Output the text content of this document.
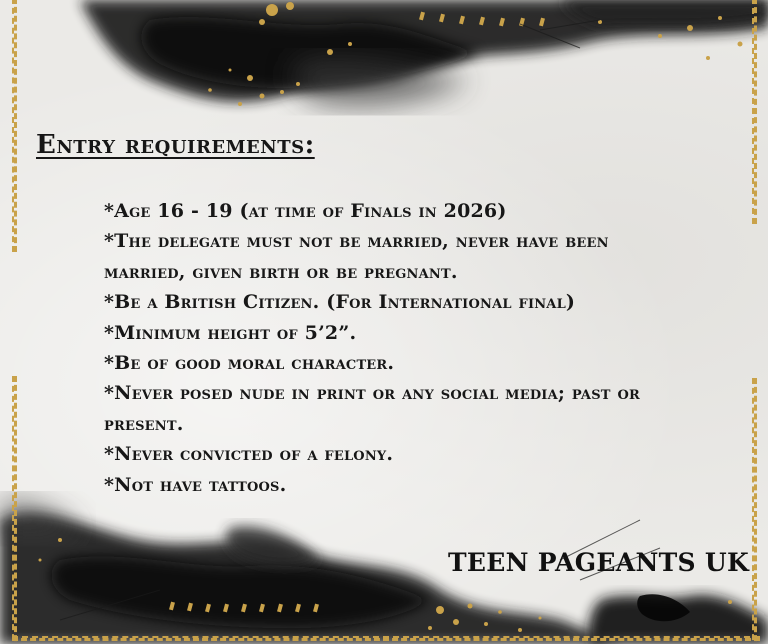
Entry requirements:
*Age 16 - 19 (at time of Finals in 2026)
*The delegate must not be married, never have been married, given birth or be pregnant.
*Be a British Citizen. (For International final)
*Minimum height of 5’2”.
*Be of good moral character.
*Never posed nude in print or any social media; past or present.
*Never convicted of a felony.
*Not have tattoos.
TEEN PAGEANTS UK
